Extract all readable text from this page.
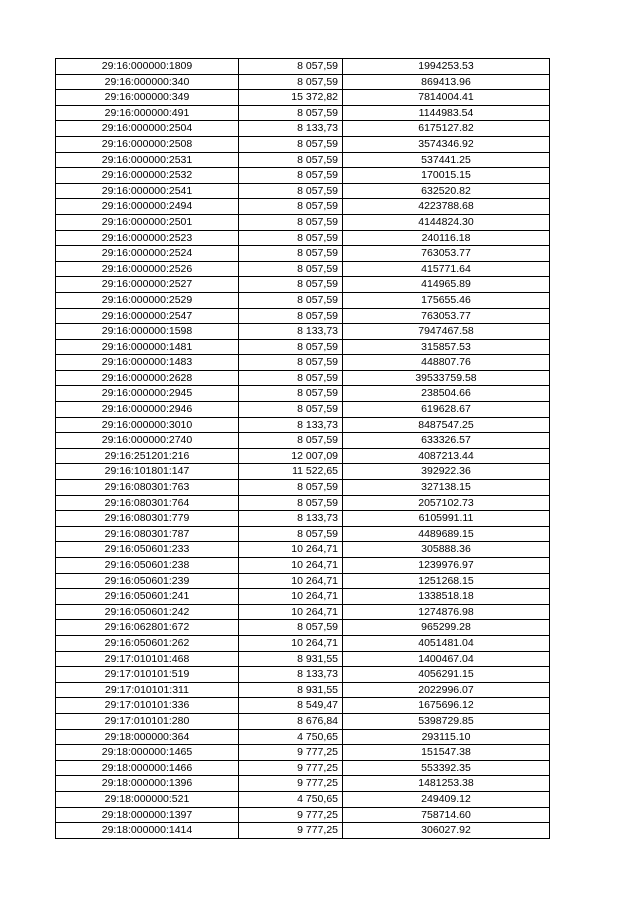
29:16:000000:1809	8 057,59	1994253.53
29:16:000000:340	8 057,59	869413.96
29:16:000000:349	15 372,82	7814004.41
29:16:000000:491	8 057,59	1144983.54
29:16:000000:2504	8 133,73	6175127.82
29:16:000000:2508	8 057,59	3574346.92
29:16:000000:2531	8 057,59	537441.25
29:16:000000:2532	8 057,59	170015.15
29:16:000000:2541	8 057,59	632520.82
29:16:000000:2494	8 057,59	4223788.68
29:16:000000:2501	8 057,59	4144824.30
29:16:000000:2523	8 057,59	240116.18
29:16:000000:2524	8 057,59	763053.77
29:16:000000:2526	8 057,59	415771.64
29:16:000000:2527	8 057,59	414965.89
29:16:000000:2529	8 057,59	175655.46
29:16:000000:2547	8 057,59	763053.77
29:16:000000:1598	8 133,73	7947467.58
29:16:000000:1481	8 057,59	315857.53
29:16:000000:1483	8 057,59	448807.76
29:16:000000:2628	8 057,59	39533759.58
29:16:000000:2945	8 057,59	238504.66
29:16:000000:2946	8 057,59	619628.67
29:16:000000:3010	8 133,73	8487547.25
29:16:000000:2740	8 057,59	633326.57
29:16:251201:216	12 007,09	4087213.44
29:16:101801:147	11 522,65	392922.36
29:16:080301:763	8 057,59	327138.15
29:16:080301:764	8 057,59	2057102.73
29:16:080301:779	8 133,73	6105991.11
29:16:080301:787	8 057,59	4489689.15
29:16:050601:233	10 264,71	305888.36
29:16:050601:238	10 264,71	1239976.97
29:16:050601:239	10 264,71	1251268.15
29:16:050601:241	10 264,71	1338518.18
29:16:050601:242	10 264,71	1274876.98
29:16:062801:672	8 057,59	965299.28
29:16:050601:262	10 264,71	4051481.04
29:17:010101:468	8 931,55	1400467.04
29:17:010101:519	8 133,73	4056291.15
29:17:010101:311	8 931,55	2022996.07
29:17:010101:336	8 549,47	1675696.12
29:17:010101:280	8 676,84	5398729.85
29:18:000000:364	4 750,65	293115.10
29:18:000000:1465	9 777,25	151547.38
29:18:000000:1466	9 777,25	553392.35
29:18:000000:1396	9 777,25	1481253.38
29:18:000000:521	4 750,65	249409.12
29:18:000000:1397	9 777,25	758714.60
29:18:000000:1414	9 777,25	306027.92
